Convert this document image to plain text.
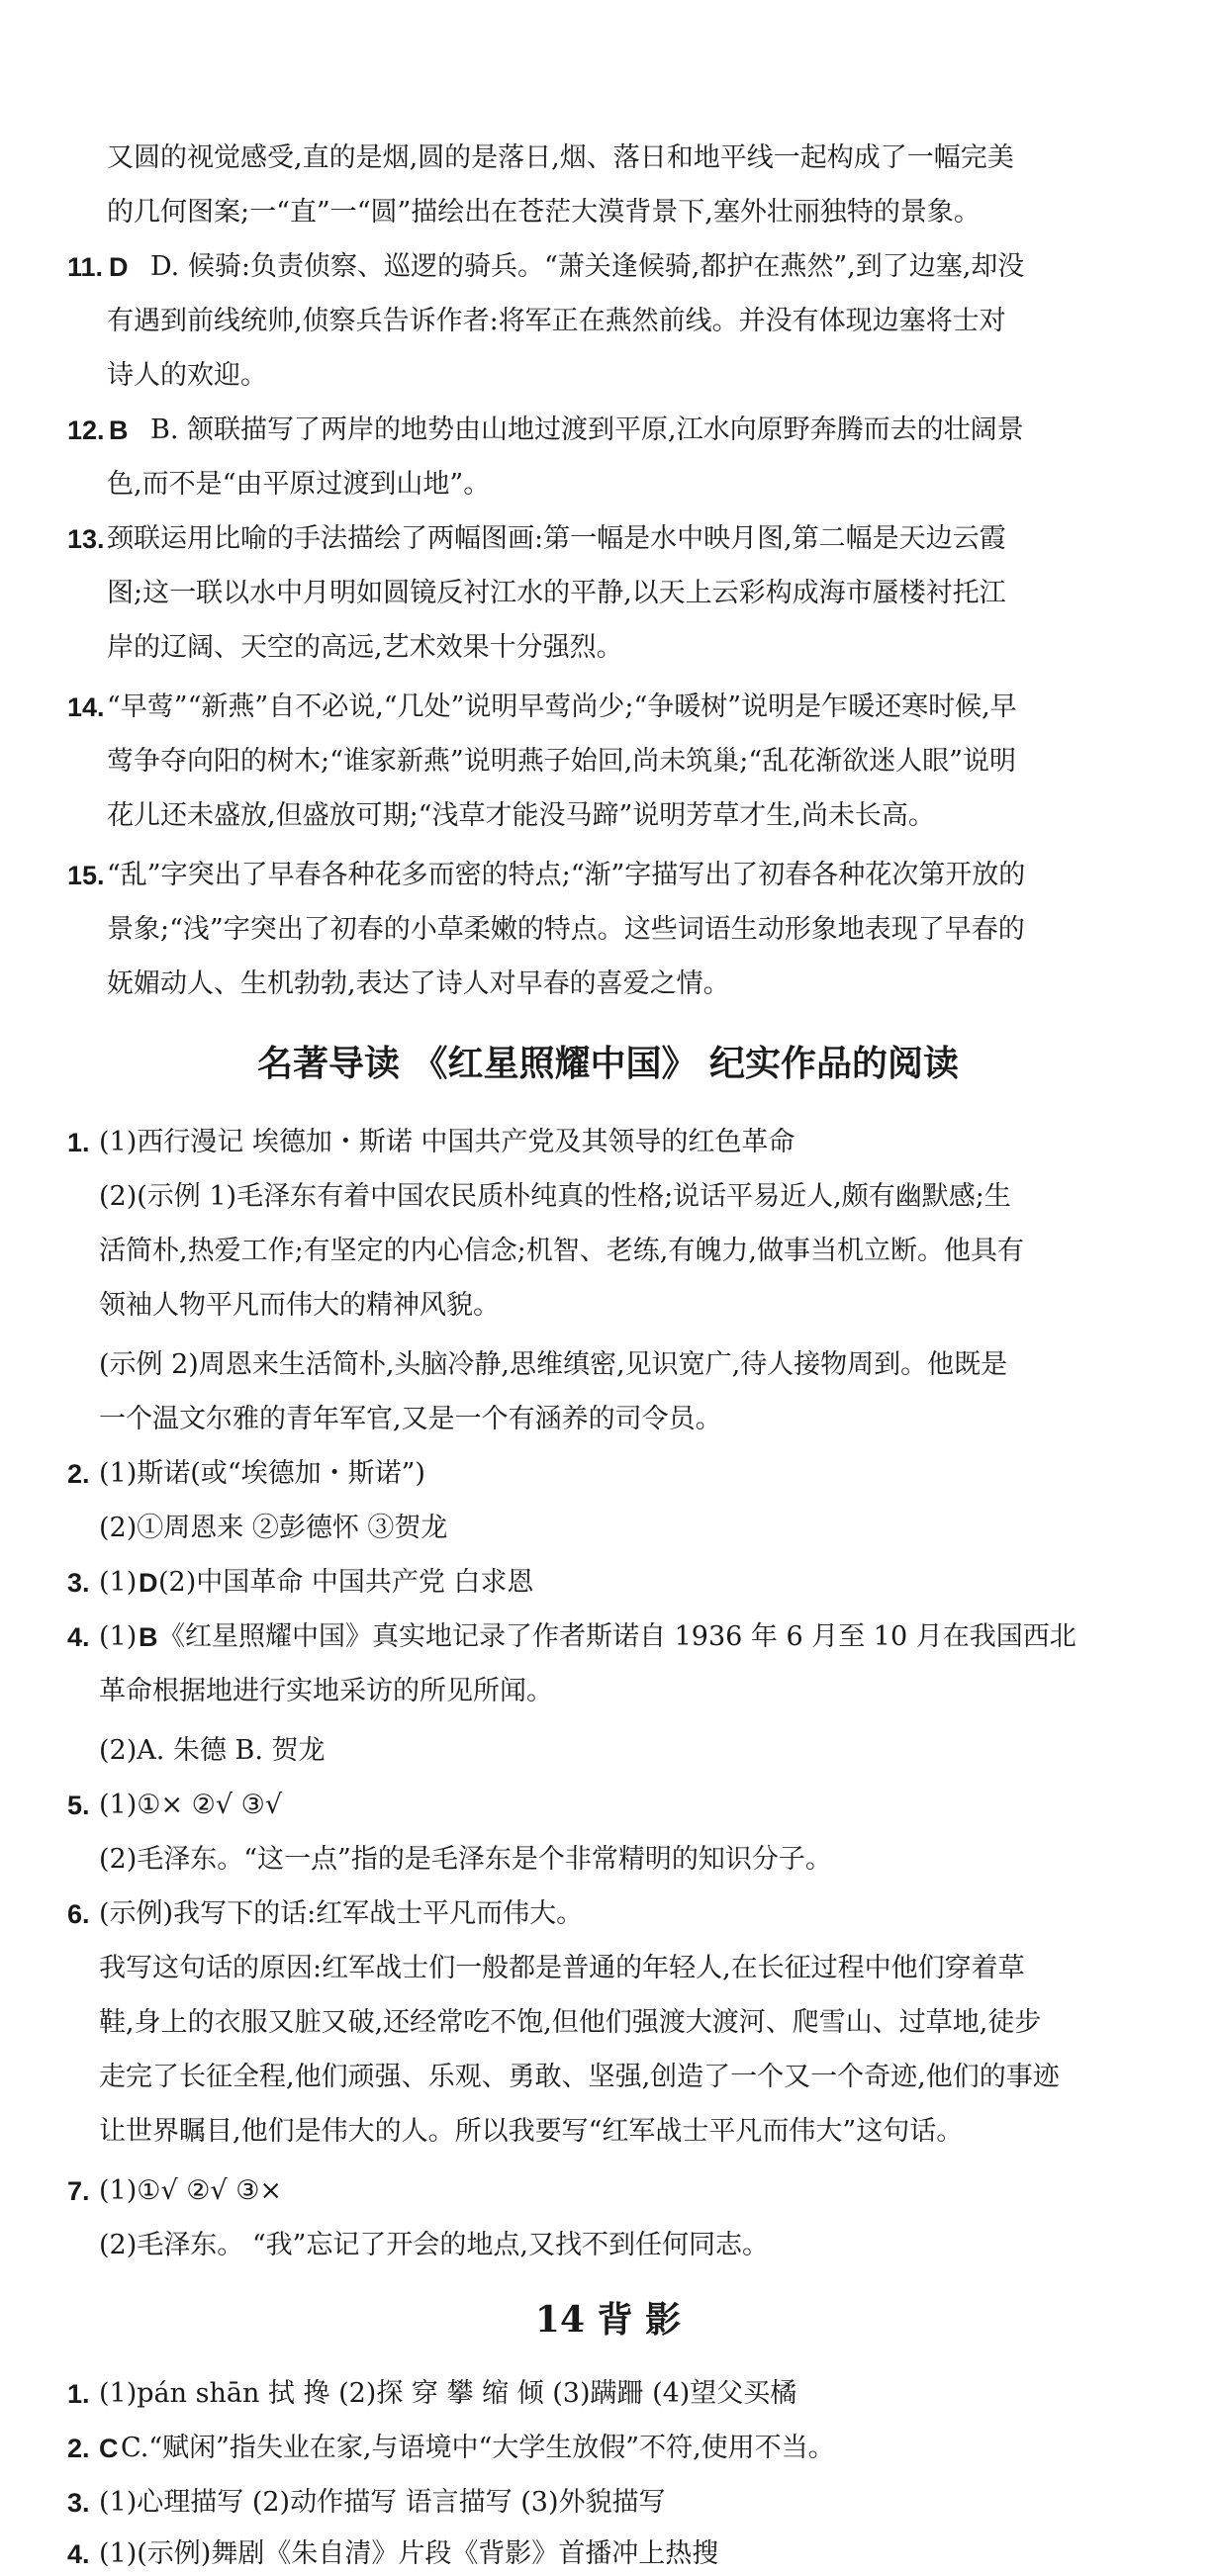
又圆的视觉感受,直的是烟,圆的是落日,烟、落日和地平线一起构成了一幅完美
的几何图案;一“直”一“圆”描绘出在苍茫大漠背景下,塞外壮丽独特的景象。
11. D D. 候骑:负责侦察、巡逻的骑兵。“萧关逢候骑,都护在燕然”,到了边塞,却没
有遇到前线统帅,侦察兵告诉作者:将军正在燕然前线。并没有体现边塞将士对
诗人的欢迎。
12. B B. 颔联描写了两岸的地势由山地过渡到平原,江水向原野奔腾而去的壮阔景
色,而不是“由平原过渡到山地”。
13. 颈联运用比喻的手法描绘了两幅图画:第一幅是水中映月图,第二幅是天边云霞
图;这一联以水中月明如圆镜反衬江水的平静,以天上云彩构成海市蜃楼衬托江
岸的辽阔、天空的高远,艺术效果十分强烈。
14. “早莺”“新燕”自不必说,“几处”说明早莺尚少;“争暖树”说明是乍暖还寒时候,早
莺争夺向阳的树木;“谁家新燕”说明燕子始回,尚未筑巢;“乱花渐欲迷人眼”说明
花儿还未盛放,但盛放可期;“浅草才能没马蹄”说明芳草才生,尚未长高。
15. “乱”字突出了早春各种花多而密的特点;“渐”字描写出了初春各种花次第开放的
景象;“浅”字突出了初春的小草柔嫩的特点。这些词语生动形象地表现了早春的
妩媚动人、生机勃勃,表达了诗人对早春的喜爱之情。
名著导读 《红星照耀中国》 纪实作品的阅读
1. (1)西行漫记 埃德加・斯诺 中国共产党及其领导的红色革命
(2)(示例 1)毛泽东有着中国农民质朴纯真的性格;说话平易近人,颇有幽默感;生
活简朴,热爱工作;有坚定的内心信念;机智、老练,有魄力,做事当机立断。他具有
领袖人物平凡而伟大的精神风貌。
(示例 2)周恩来生活简朴,头脑冷静,思维缜密,见识宽广,待人接物周到。他既是
一个温文尔雅的青年军官,又是一个有涵养的司令员。
2. (1)斯诺(或“埃德加・斯诺”)
(2)①周恩来 ②彭德怀 ③贺龙
3. (1) D (2)中国革命 中国共产党 白求恩
4. (1) B 《红星照耀中国》真实地记录了作者斯诺自 1936 年 6 月至 10 月在我国西北
革命根据地进行实地采访的所见所闻。
(2)A. 朱德 B. 贺龙
5. (1)①× ②√ ③√
(2)毛泽东。“这一点”指的是毛泽东是个非常精明的知识分子。
6. (示例)我写下的话:红军战士平凡而伟大。
我写这句话的原因:红军战士们一般都是普通的年轻人,在长征过程中他们穿着草
鞋,身上的衣服又脏又破,还经常吃不饱,但他们强渡大渡河、爬雪山、过草地,徒步
走完了长征全程,他们顽强、乐观、勇敢、坚强,创造了一个又一个奇迹,他们的事迹
让世界瞩目,他们是伟大的人。所以我要写“红军战士平凡而伟大”这句话。
7. (1)①√ ②√ ③×
(2)毛泽东。 “我”忘记了开会的地点,又找不到任何同志。
14 背 影
1. (1)pán shān 拭 搀 (2)探 穿 攀 缩 倾 (3)蹒跚 (4)望父买橘
2. C C.“赋闲”指失业在家,与语境中“大学生放假”不符,使用不当。
3. (1)心理描写 (2)动作描写 语言描写 (3)外貌描写
4. (1)(示例)舞剧《朱自清》片段《背影》首播冲上热搜
